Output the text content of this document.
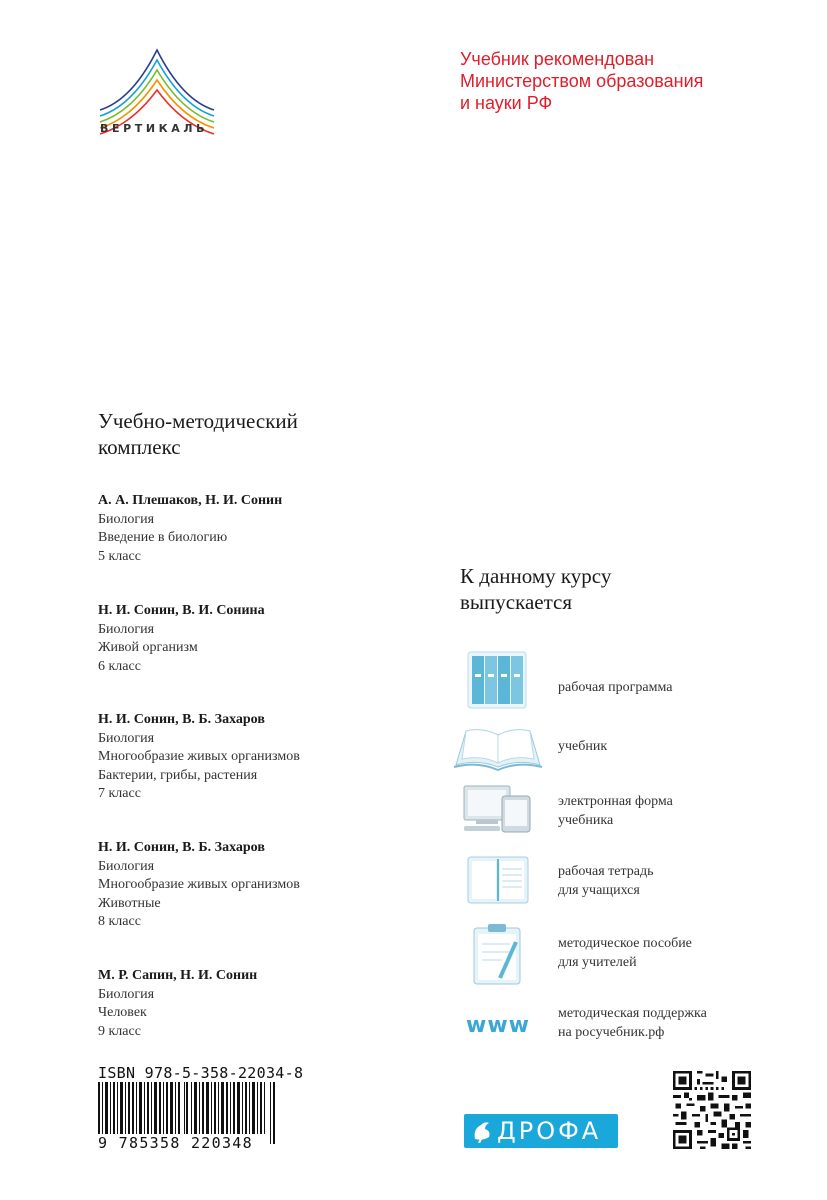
ВЕРТИКАЛЬ
Учебник рекомендован
Министерством образования
и науки РФ
Учебно-методический
комплекс
А. А. Плешаков, Н. И. Сонин
Биология
Введение в биологию
5 класс
Н. И. Сонин, В. И. Сонина
Биология
Живой организм
6 класс
Н. И. Сонин, В. Б. Захаров
Биология
Многообразие живых организмов
Бактерии, грибы, растения
7 класс
Н. И. Сонин, В. Б. Захаров
Биология
Многообразие живых организмов
Животные
8 класс
М. Р. Сапин, Н. И. Сонин
Биология
Человек
9 класс
К данному курсу
выпускается
рабочая программа
учебник
электронная форма
учебника
рабочая тетрадь
для учащихся
методическое пособие
для учителей
www	методическая поддержка
на росучебник.рф
ISBN 978-5-358-22034-8
9 785358 220348	ДРОФА
